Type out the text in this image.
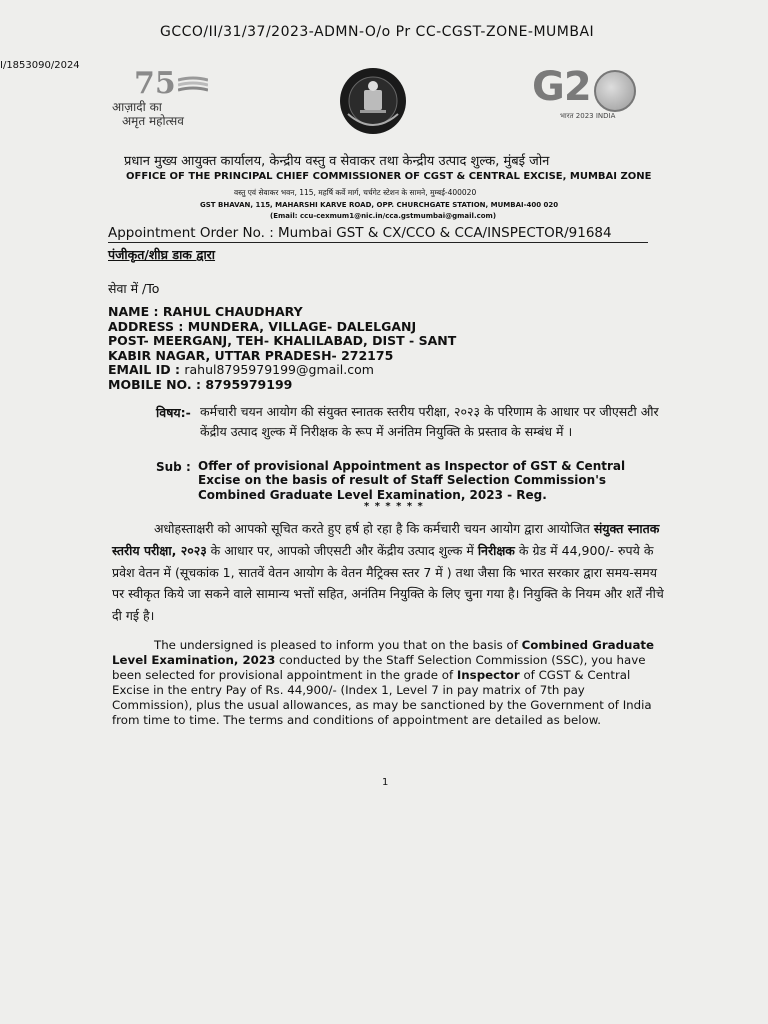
GCCO/II/31/37/2023-ADMN-O/o Pr CC-CGST-ZONE-MUMBAI
I/1853090/2024
75
आज़ादी का
अमृत महोत्सव
G2
भारत 2023 INDIA
प्रधान मुख्य आयुक्त कार्यालय, केन्द्रीय वस्तु व सेवाकर तथा केन्द्रीय उत्पाद शुल्क, मुंबई जोन
OFFICE OF THE PRINCIPAL CHIEF COMMISSIONER OF CGST & CENTRAL EXCISE, MUMBAI ZONE
वस्तु एवं सेवाकर भवन, 115, महर्षि कर्वे मार्ग, चर्चगेट स्टेशन के सामने, मुम्बई-400020
GST BHAVAN, 115, MAHARSHI KARVE ROAD, OPP. CHURCHGATE STATION, MUMBAI-400 020
(Email: ccu-cexmum1@nic.in/cca.gstmumbai@gmail.com)
Appointment Order No. : Mumbai GST & CX/CCO & CCA/INSPECTOR/91684
पंजीकृत/शीघ्र डाक द्वारा
सेवा में /To
NAME : RAHUL CHAUDHARY
ADDRESS : MUNDERA, VILLAGE- DALELGANJ
POST- MEERGANJ, TEH- KHALILABAD, DIST - SANT
KABIR NAGAR, UTTAR PRADESH- 272175
EMAIL ID : rahul8795979199@gmail.com
MOBILE NO. : 8795979199
विषय:- कर्मचारी चयन आयोग की संयुक्त स्नातक स्तरीय परीक्षा, २०२३ के परिणाम के आधार पर जीएसटी और केंद्रीय उत्पाद शुल्क में निरीक्षक के रूप में अनंतिम नियुक्ति के प्रस्ताव के सम्बंध में ।
Sub : Offer of provisional Appointment as Inspector of GST & Central Excise on the basis of result of Staff Selection Commission's Combined Graduate Level Examination, 2023 - Reg.
* * * * * *
अधोहस्ताक्षरी को आपको सूचित करते हुए हर्ष हो रहा है कि कर्मचारी चयन आयोग द्वारा आयोजित संयुक्त स्नातक स्तरीय परीक्षा, २०२३ के आधार पर, आपको जीएसटी और केंद्रीय उत्पाद शुल्क में निरीक्षक के ग्रेड में 44,900/- रुपये के प्रवेश वेतन में (सूचकांक 1, सातवें वेतन आयोग के वेतन मैट्रिक्स स्तर 7 में ) तथा जैसा कि भारत सरकार द्वारा समय-समय पर स्वीकृत किये जा सकने वाले सामान्य भत्तों सहित, अनंतिम नियुक्ति के लिए चुना गया है। नियुक्ति के नियम और शर्तें नीचे दी गई है।
The undersigned is pleased to inform you that on the basis of Combined Graduate Level Examination, 2023 conducted by the Staff Selection Commission (SSC), you have been selected for provisional appointment in the grade of Inspector of CGST & Central Excise in the entry Pay of Rs. 44,900/- (Index 1, Level 7 in pay matrix of 7th pay Commission), plus the usual allowances, as may be sanctioned by the Government of India from time to time. The terms and conditions of appointment are detailed as below.
1
